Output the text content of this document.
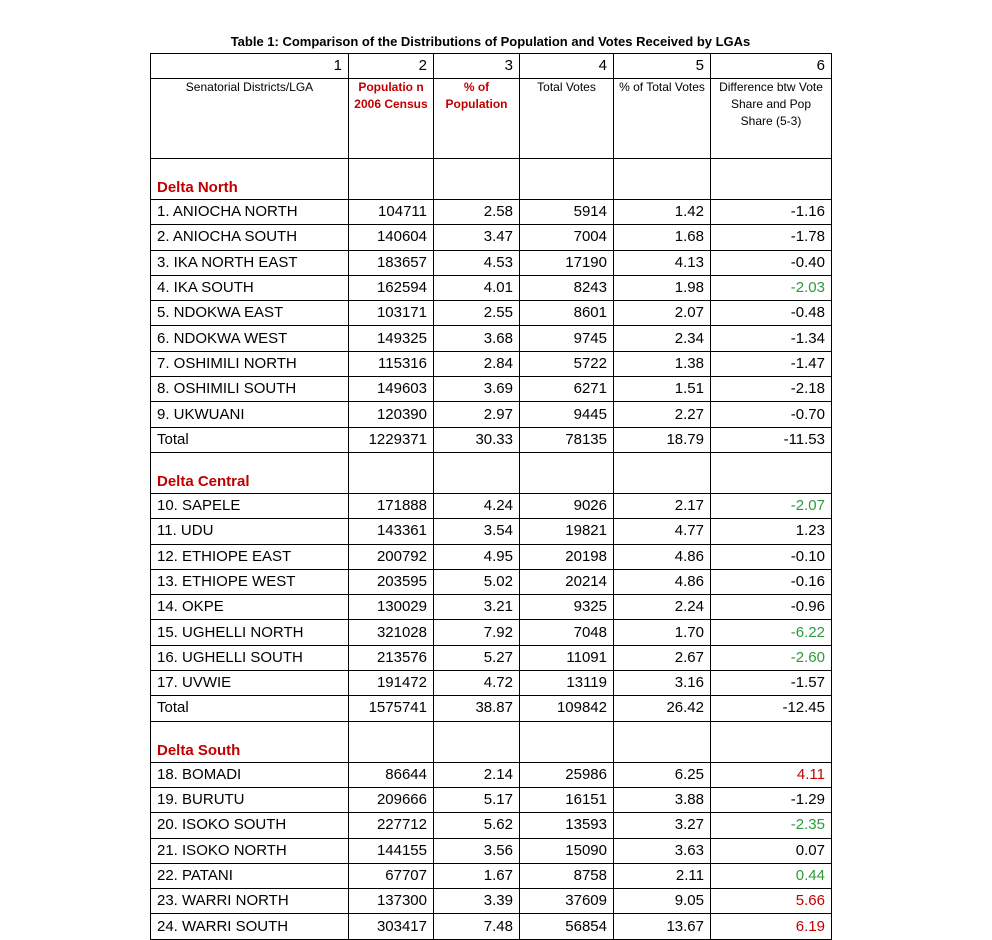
Table 1: Comparison of the Distributions of Population and Votes Received by LGAs
1	2	3	4	5	6
Senatorial Districts/LGA	Populatio n 2006 Census	% of Population	Total Votes	% of Total Votes	Difference btw Vote Share and Pop Share (5-3)
Delta North					
1. ANIOCHA NORTH	104711	2.58	5914	1.42	-1.16
2. ANIOCHA SOUTH	140604	3.47	7004	1.68	-1.78
3. IKA NORTH EAST	183657	4.53	17190	4.13	-0.40
4. IKA SOUTH	162594	4.01	8243	1.98	-2.03
5. NDOKWA EAST	103171	2.55	8601	2.07	-0.48
6. NDOKWA WEST	149325	3.68	9745	2.34	-1.34
7. OSHIMILI NORTH	115316	2.84	5722	1.38	-1.47
8. OSHIMILI SOUTH	149603	3.69	6271	1.51	-2.18
9. UKWUANI	120390	2.97	9445	2.27	-0.70
Total	1229371	30.33	78135	18.79	-11.53
Delta Central					
10. SAPELE	171888	4.24	9026	2.17	-2.07
11. UDU	143361	3.54	19821	4.77	1.23
12. ETHIOPE EAST	200792	4.95	20198	4.86	-0.10
13. ETHIOPE WEST	203595	5.02	20214	4.86	-0.16
14. OKPE	130029	3.21	9325	2.24	-0.96
15. UGHELLI NORTH	321028	7.92	7048	1.70	-6.22
16. UGHELLI SOUTH	213576	5.27	11091	2.67	-2.60
17. UVWIE	191472	4.72	13119	3.16	-1.57
Total	1575741	38.87	109842	26.42	-12.45
Delta South					
18. BOMADI	86644	2.14	25986	6.25	4.11
19. BURUTU	209666	5.17	16151	3.88	-1.29
20. ISOKO SOUTH	227712	5.62	13593	3.27	-2.35
21. ISOKO NORTH	144155	3.56	15090	3.63	0.07
22. PATANI	67707	1.67	8758	2.11	0.44
23. WARRI NORTH	137300	3.39	37609	9.05	5.66
24. WARRI SOUTH	303417	7.48	56854	13.67	6.19
